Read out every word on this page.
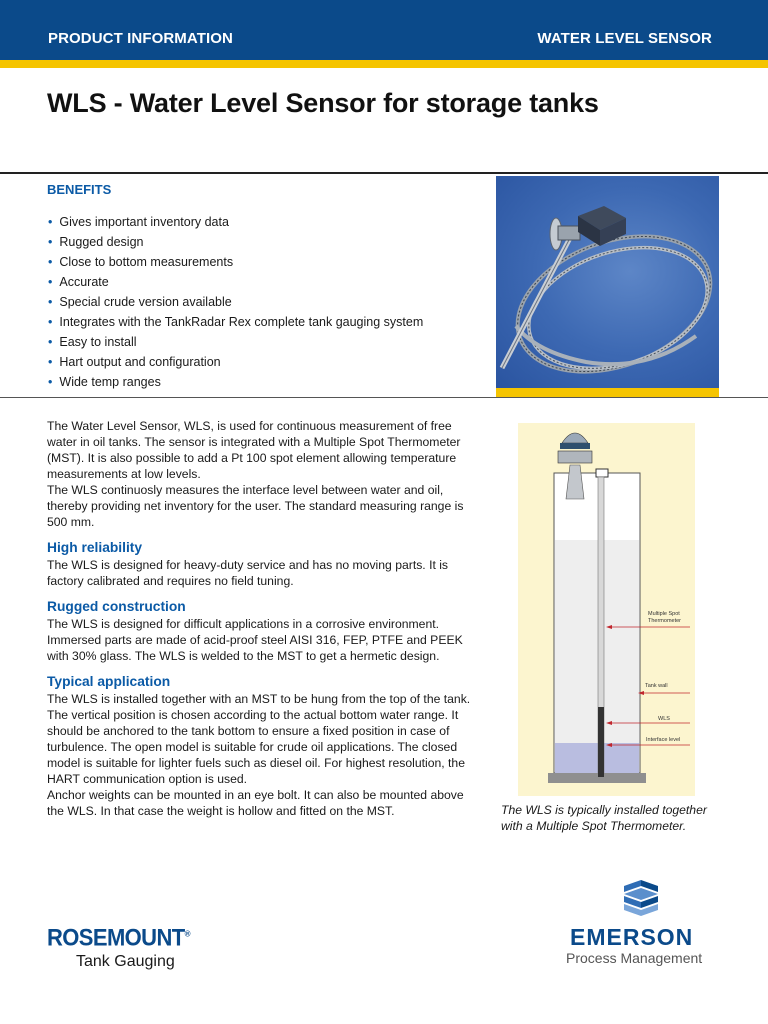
PRODUCT INFORMATION	WATER LEVEL SENSOR
WLS - Water Level Sensor for storage tanks
BENEFITS
• Gives important inventory data
• Rugged design
• Close to bottom measurements
• Accurate
• Special crude version available
• Integrates with the TankRadar Rex complete tank gauging system
• Easy to install
• Hart output and configuration
• Wide temp ranges

The Water Level Sensor, WLS, is used for continuous measurement of free water in oil tanks. The sensor is integrated with a Multiple Spot Thermometer (MST). It is also possible to add a Pt 100 spot element allowing temperature measurements at low levels.

The WLS continuosly measures the interface level between water and oil, thereby providing net inventory for the user. The standard measuring range is 500 mm.

High reliability

The WLS is designed for heavy-duty service and has no moving parts. It is factory calibrated and requires no field tuning.

Rugged construction

The WLS is designed for difficult applications in a corrosive environment. Immersed parts are made of acid-proof steel AISI 316, FEP, PTFE and PEEK with 30% glass. The WLS is welded to the MST to get a hermetic design.

Typical application

The WLS is installed together with an MST to be hung from the top of the tank. The vertical position is chosen according to the actual bottom water range. It should be anchored to the tank bottom to ensure a fixed position in case of turbulence. The open model is suitable for crude oil applications. The closed model is suitable for lighter fuels such as diesel oil. For highest resolution, the HART communication option is used.

Anchor weights can be mounted in an eye bolt. It can also be mounted above the WLS. In that case the weight is hollow and fitted on the MST.

Multiple Spot
Thermometer
Tank wall
WLS
Interface level

The WLS is typically installed together with a Multiple Spot Thermometer.

ROSEMOUNT®
Tank Gauging
EMERSON
Process Management
